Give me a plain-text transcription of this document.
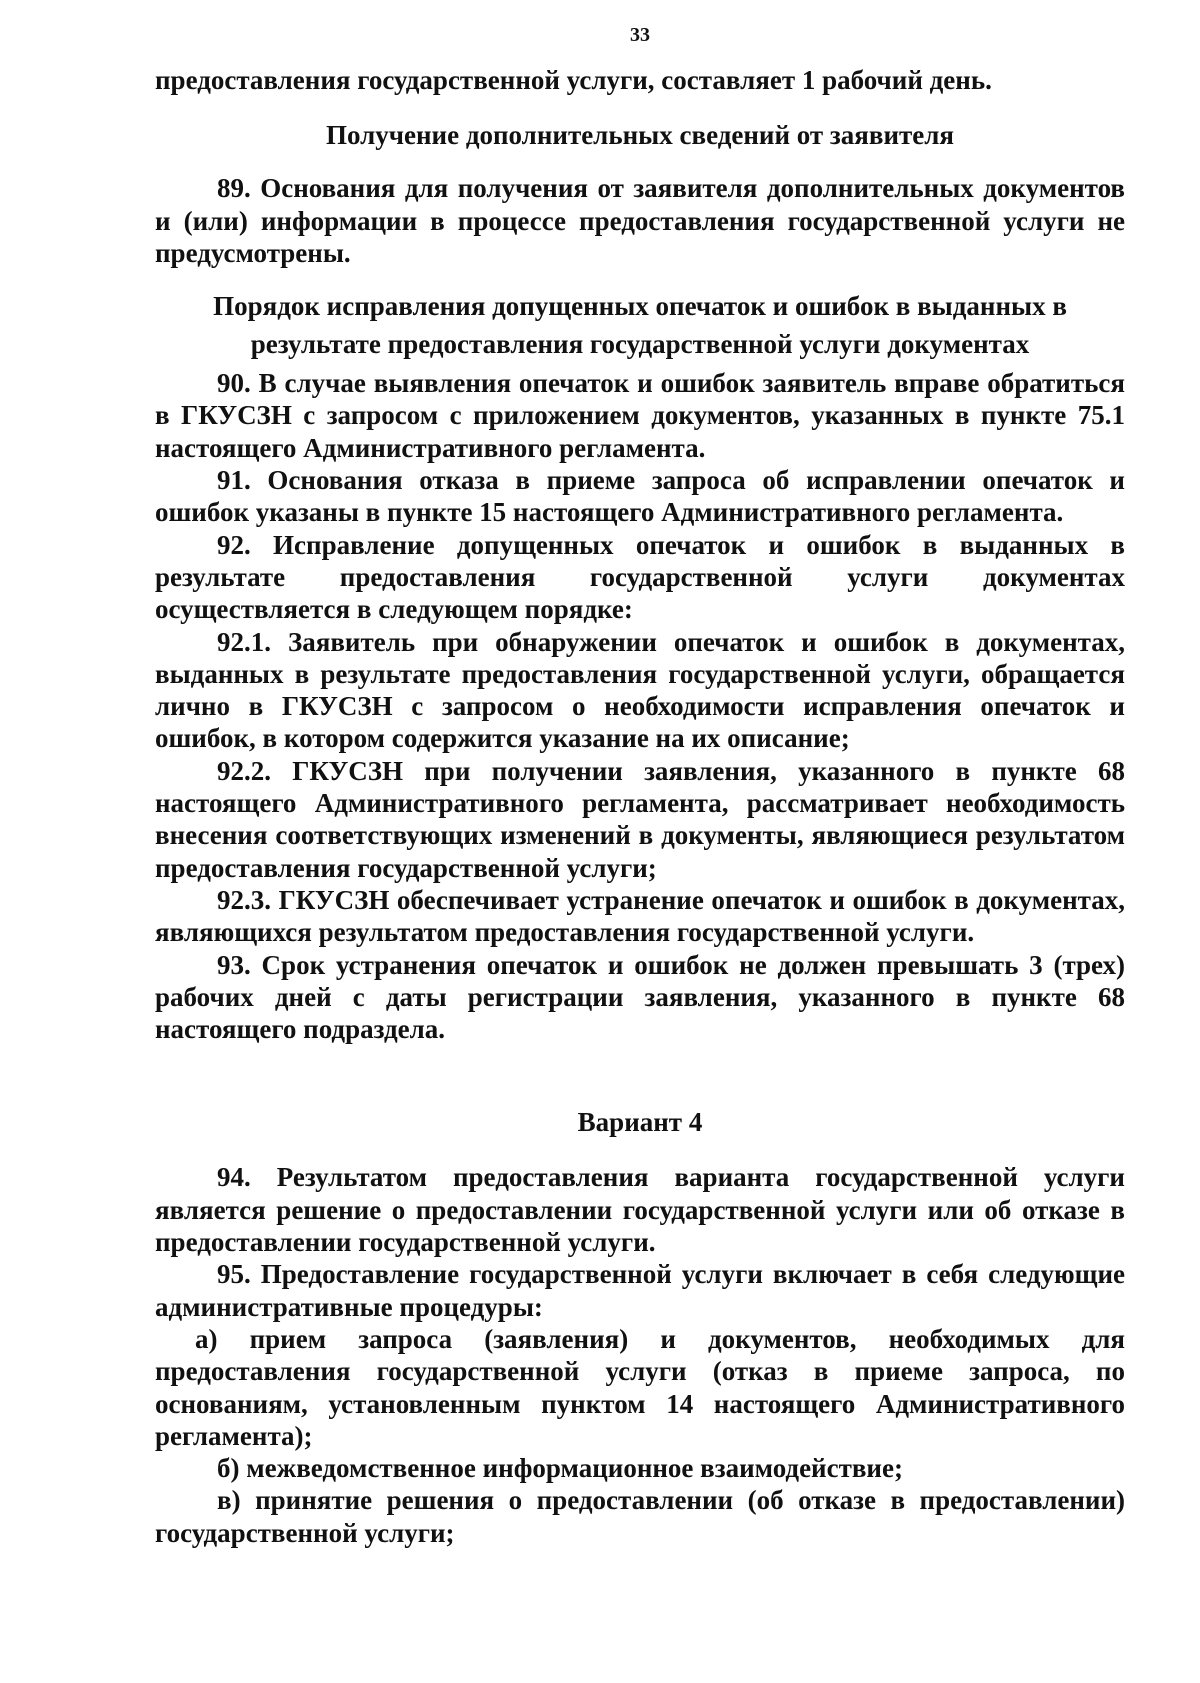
33

предоставления государственной услуги, составляет 1 рабочий день.

Получение дополнительных сведений от заявителя

89. Основания для получения от заявителя дополнительных документов и (или) информации в процессе предоставления государственной услуги не предусмотрены.

Порядок исправления допущенных опечаток и ошибок в выданных в
результате предоставления государственной услуги документах

90. В случае выявления опечаток и ошибок заявитель вправе обратиться в ГКУСЗН с запросом с приложением документов, указанных в пункте 75.1 настоящего Административного регламента.

91. Основания отказа в приеме запроса об исправлении опечаток и ошибок указаны в пункте 15 настоящего Административного регламента.

92. Исправление допущенных опечаток и ошибок в выданных в результате предоставления государственной услуги документах осуществляется в следующем порядке:

92.1. Заявитель при обнаружении опечаток и ошибок в документах, выданных в результате предоставления государственной услуги, обращается лично в ГКУСЗН с запросом о необходимости исправления опечаток и ошибок, в котором содержится указание на их описание;

92.2. ГКУСЗН при получении заявления, указанного в пункте 68 настоящего Административного регламента, рассматривает необходимость внесения соответствующих изменений в документы, являющиеся результатом предоставления государственной услуги;

92.3. ГКУСЗН обеспечивает устранение опечаток и ошибок в документах, являющихся результатом предоставления государственной услуги.

93. Срок устранения опечаток и ошибок не должен превышать 3 (трех) рабочих дней с даты регистрации заявления, указанного в пункте 68 настоящего подраздела.

Вариант 4

94. Результатом предоставления варианта государственной услуги является решение о предоставлении государственной услуги или об отказе в предоставлении государственной услуги.

95. Предоставление государственной услуги включает в себя следующие административные процедуры:

а) прием запроса (заявления) и документов, необходимых для предоставления государственной услуги (отказ в приеме запроса, по основаниям, установленным пунктом 14 настоящего Административного регламента);

б) межведомственное информационное взаимодействие;

в) принятие решения о предоставлении (об отказе в предоставлении) государственной услуги;
